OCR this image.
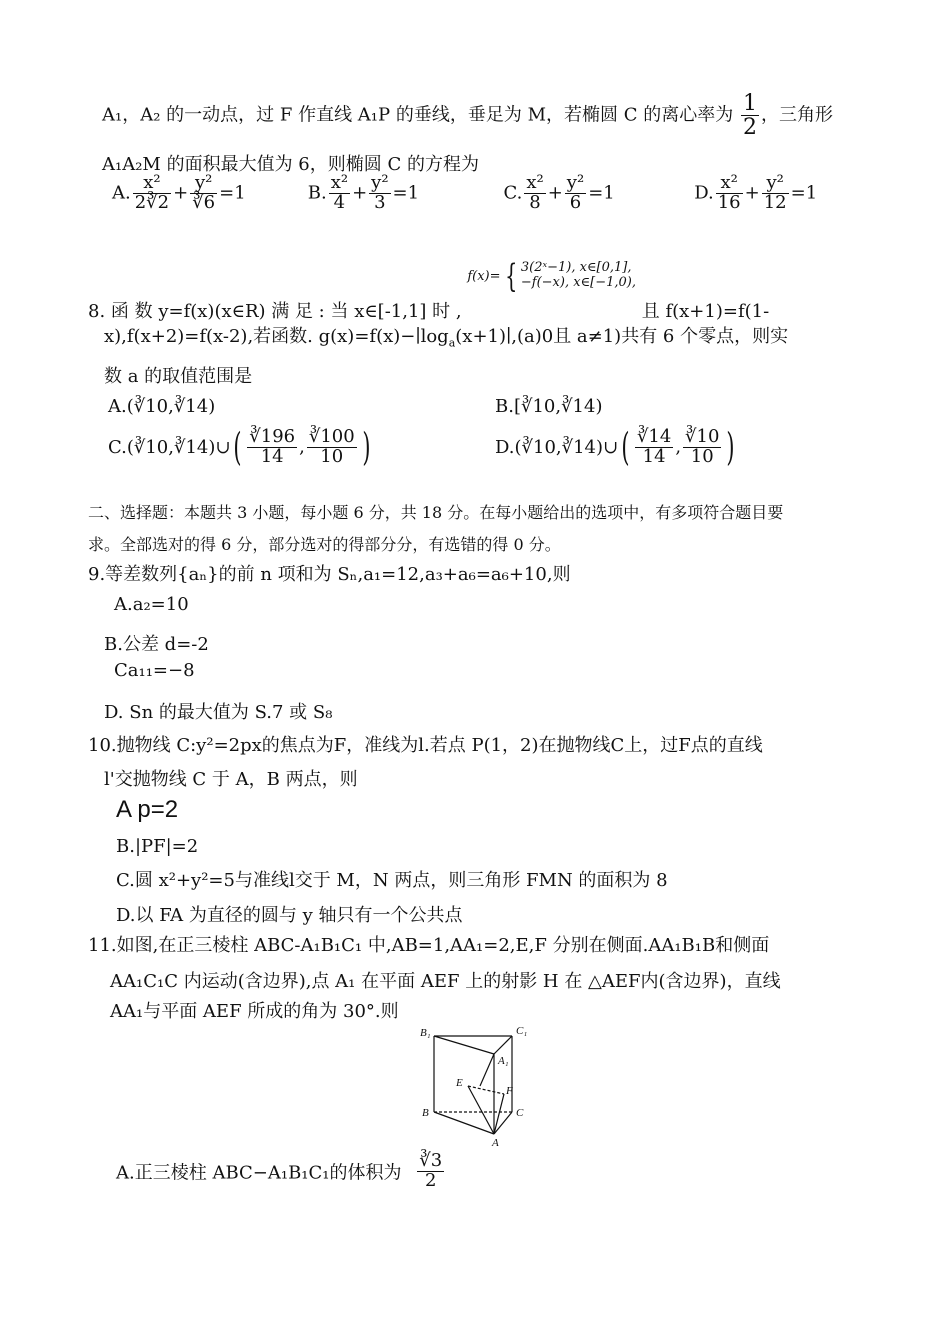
A₁，A₂ 的一动点，过 F 作直线 A₁P 的垂线，垂足为 M，若椭圆 C 的离心率为 $\frac{1}{2}$ ，三角形
A₁A₂M 的面积最大值为 6，则椭圆 C 的方程为
A. $\frac{\text{x²}}{2∛2} + \frac{\text{y²}}{∛6} =1$	B. $\frac{\text{x²}}{4} + \frac{\text{y²}}{3} =1$	C. $\frac{\text{x²}}{8} + \frac{\text{y²}}{6} =1$	D. $\frac{\text{x²}}{16} + \frac{\text{y²}}{12} =1$
8. 函 数 y=f(x)(x∈R) 满 足 : 当 x∈[-1,1] 时 , f(x)= { 3(2ˣ−1), x∈[0,1],
−f(−x), x∈[−1,0),
且 f(x+1)=f(1-
x),f(x+2)=f(x-2),若函数. $g(x)=f(x)-∣\log_a(x+1)∣,(a)0$且 a≠1)共有 6 个零点，则实
数 a 的取值范围是
A.(∛10,∛14)	B.[∛10,∛14)
C.(∛10,∛14)∪( $\frac{∛196}{14}$ , $\frac{∛100}{10}$ )	D.(∛10,∛14)∪( $\frac{∛14}{14}$ , $\frac{∛10}{10}$ )
二、选择题：本题共 3 小题，每小题 6 分，共 18 分。在每小题给出的选项中，有多项符合题目要
求。全部选对的得 6 分，部分选对的得部分分，有选错的得 0 分。
9.等差数列{aₙ}的前 n 项和为 Sₙ,a₁=12,a₃+a₆=a₆+10,则
A.a₂=10
B.公差 d=-2
Ca₁₁=−8
D. Sn 的最大值为 S.7 或 S₈
10.抛物线 C:y²=2px的焦点为F，准线为l.若点 P(1，2)在抛物线C上，过F点的直线
l'交抛物线 C 于 A，B 两点，则
A p=2
B.|PF|=2
C.圆 x²+y²=5与准线l交于 M，N 两点，则三角形 FMN 的面积为 8
D.以 FA 为直径的圆与 y 轴只有一个公共点
11.如图,在正三棱柱 ABC-A₁B₁C₁ 中,AB=1,AA₁=2,E,F 分别在侧面.AA₁B₁B和侧面
AA₁C₁C 内运动(含边界),点 A₁ 在平面 AEF 上的射影 H 在 △AEF内(含边界)，直线
AA₁与平面 AEF 所成的角为 30°.则
B₁	C₁
A₁
E
F
B	C
A
A.正三棱柱 ABC−A₁B₁C₁的体积为 $\frac{∛3}{2}$
